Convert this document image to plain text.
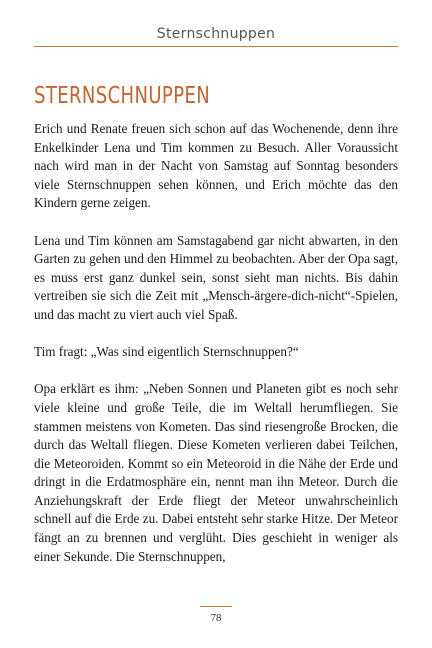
Sternschnuppen
STERNSCHNUPPEN

Erich und Renate freuen sich schon auf das Wochenende, denn ihre Enkelkinder Lena und Tim kommen zu Besuch. Aller Voraussicht nach wird man in der Nacht von Samstag auf Sonntag besonders viele Sternschnuppen sehen können, und Erich möchte das den Kindern gerne zeigen.

Lena und Tim können am Samstagabend gar nicht abwarten, in den Garten zu gehen und den Himmel zu beobachten. Aber der Opa sagt, es muss erst ganz dunkel sein, sonst sieht man nichts. Bis dahin vertreiben sie sich die Zeit mit „Mensch-ärgere-dich-nicht“-Spielen, und das macht zu viert auch viel Spaß.

Tim fragt: „Was sind eigentlich Sternschnuppen?“

Opa erklärt es ihm: „Neben Sonnen und Planeten gibt es noch sehr viele kleine und große Teile, die im Weltall herumfliegen. Sie stammen meistens von Kometen. Das sind riesengroße Brocken, die durch das Weltall fliegen. Diese Kometen verlieren dabei Teilchen, die Meteoroiden. Kommt so ein Meteoroid in die Nähe der Erde und dringt in die Erdatmosphäre ein, nennt man ihn Meteor. Durch die Anziehungskraft der Erde fliegt der Meteor unwahrscheinlich schnell auf die Erde zu. Dabei entsteht sehr starke Hitze. Der Meteor fängt an zu brennen und verglüht. Dies geschieht in weniger als einer Sekunde. Die Sternschnuppen,

78
